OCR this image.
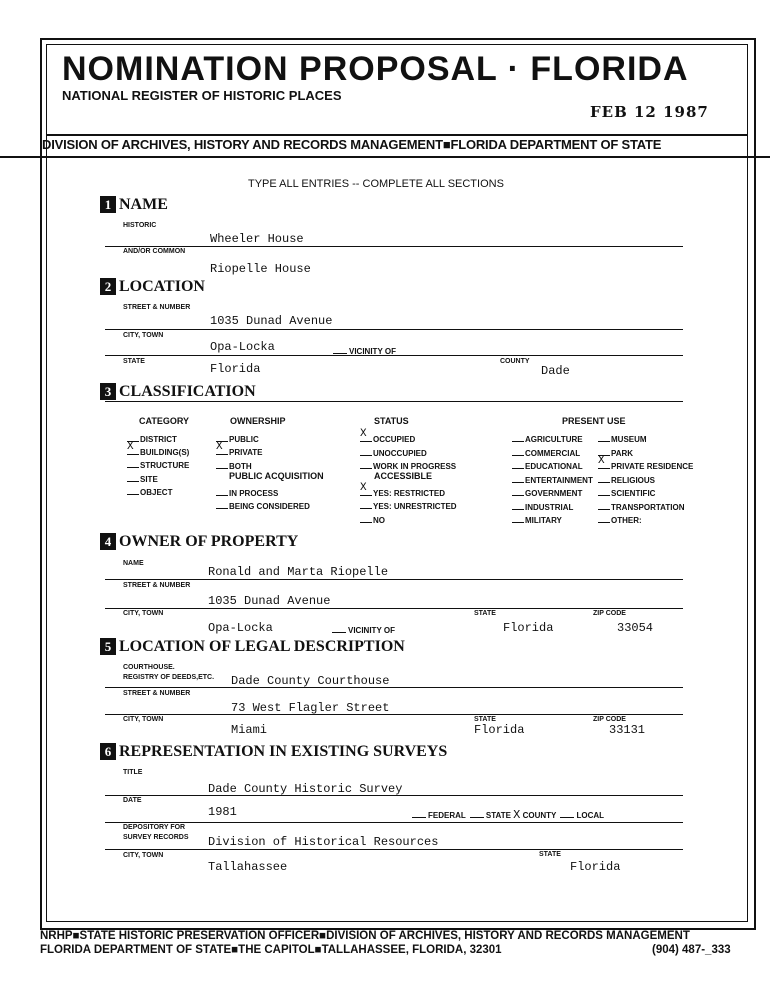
NOMINATION PROPOSAL · FLORIDA
NATIONAL REGISTER OF HISTORIC PLACES
FEB 12 1987
DIVISION OF ARCHIVES, HISTORY AND RECORDS MANAGEMENT■FLORIDA DEPARTMENT OF STATE
TYPE ALL ENTRIES -- COMPLETE ALL SECTIONS
1 NAME
HISTORIC
Wheeler House
AND/OR COMMON
Riopelle House
2 LOCATION
STREET & NUMBER
1035 Dunad Avenue
CITY, TOWN
Opa-Locka	VICINITY OF
STATE	COUNTY
Florida	Dade
3 CLASSIFICATION
CATEGORY	OWNERSHIP	STATUS	PRESENT USE
PUBLIC ACQUISITION	ACCESSIBLE
DISTRICT
X BUILDING(S)
STRUCTURE
SITE
OBJECT
PUBLIC
X PRIVATE
BOTH
IN PROCESS
BEING CONSIDERED
X OCCUPIED
UNOCCUPIED
WORK IN PROGRESS
X YES: RESTRICTED
YES: UNRESTRICTED
NO
AGRICULTURE
COMMERCIAL
EDUCATIONAL
ENTERTAINMENT
GOVERNMENT
INDUSTRIAL
MILITARY
MUSEUM
PARK
X PRIVATE RESIDENCE
RELIGIOUS
SCIENTIFIC
TRANSPORTATION
OTHER:
4 OWNER OF PROPERTY
NAME
Ronald and Marta Riopelle
STREET & NUMBER
1035 Dunad Avenue
CITY, TOWN	STATE	ZIP CODE
Opa-Locka	VICINITY OF	Florida	33054
5 LOCATION OF LEGAL DESCRIPTION
COURTHOUSE.
REGISTRY OF DEEDS,ETC. Dade County Courthouse
STREET & NUMBER
73 West Flagler Street
CITY, TOWN	STATE	ZIP CODE
Miami	Florida	33131
6 REPRESENTATION IN EXISTING SURVEYS
TITLE
Dade County Historic Survey
DATE
1981	FEDERAL	STATE X COUNTY	LOCAL
DEPOSITORY FOR
SURVEY RECORDS Division of Historical Resources
CITY, TOWN	STATE
Tallahassee	Florida
NRHP■STATE HISTORIC PRESERVATION OFFICER■DIVISION OF ARCHIVES, HISTORY AND RECORDS MANAGEMENT
FLORIDA DEPARTMENT OF STATE■THE CAPITOL■TALLAHASSEE, FLORIDA, 32301	(904) 487-_333
